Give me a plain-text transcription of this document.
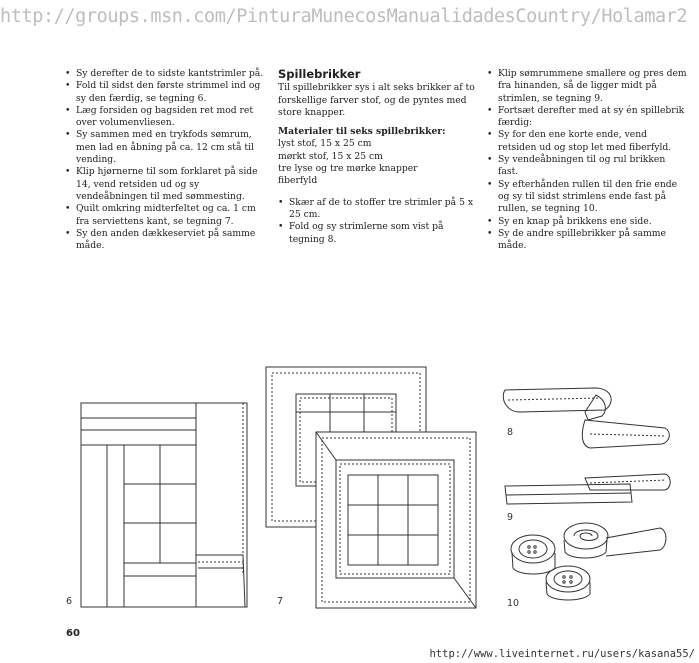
http://groups.msn.com/PinturaMunecosManualidadesCountry/Holamar2
• Sy derefter de to sidste kantstrimler på.
• Fold til sidst den første strimmel ind og sy den færdig, se tegning 6.
• Læg forsiden og bagsiden ret mod ret over volumenvliesen.
• Sy sammen med en trykfods sømrum, men lad en åbning på ca. 12 cm stå til vending.
• Klip hjørnerne til som forklaret på side 14, vend retsiden ud og sy vendeåbningen til med sømmesting.
• Quilt omkring midterfeltet og ca. 1 cm fra serviettens kant, se tegning 7.
• Sy den anden dækkeserviet på samme måde.
Spillebrikker

Til spillebrikker sys i alt seks brikker af to forskellige farver stof, og de pyntes med store knapper.

Materialer til seks spillebrikker:

lyst stof, 15 x 25 cm
mørkt stof, 15 x 25 cm
tre lyse og tre mørke knapper
fiberfyld
• Skær af de to stoffer tre strimler på 5 x 25 cm.
• Fold og sy strimlerne som vist på tegning 8.
• Klip sømrummene smallere og pres dem fra hinanden, så de ligger midt på strimlen, se tegning 9.
• Fortsæt derefter med at sy én spillebrik færdig:
• Sy for den ene korte ende, vend retsiden ud og stop let med fiberfyld.
• Sy vendeåbningen til og rul brikken fast.
• Sy efterhånden rullen til den frie ende og sy til sidst strimlens ende fast på rullen, se tegning 10.
• Sy en knap på brikkens ene side.
• Sy de andre spillebrikker på samme måde.
6	7
8
9
10
60
http://www.liveinternet.ru/users/kasana55/
